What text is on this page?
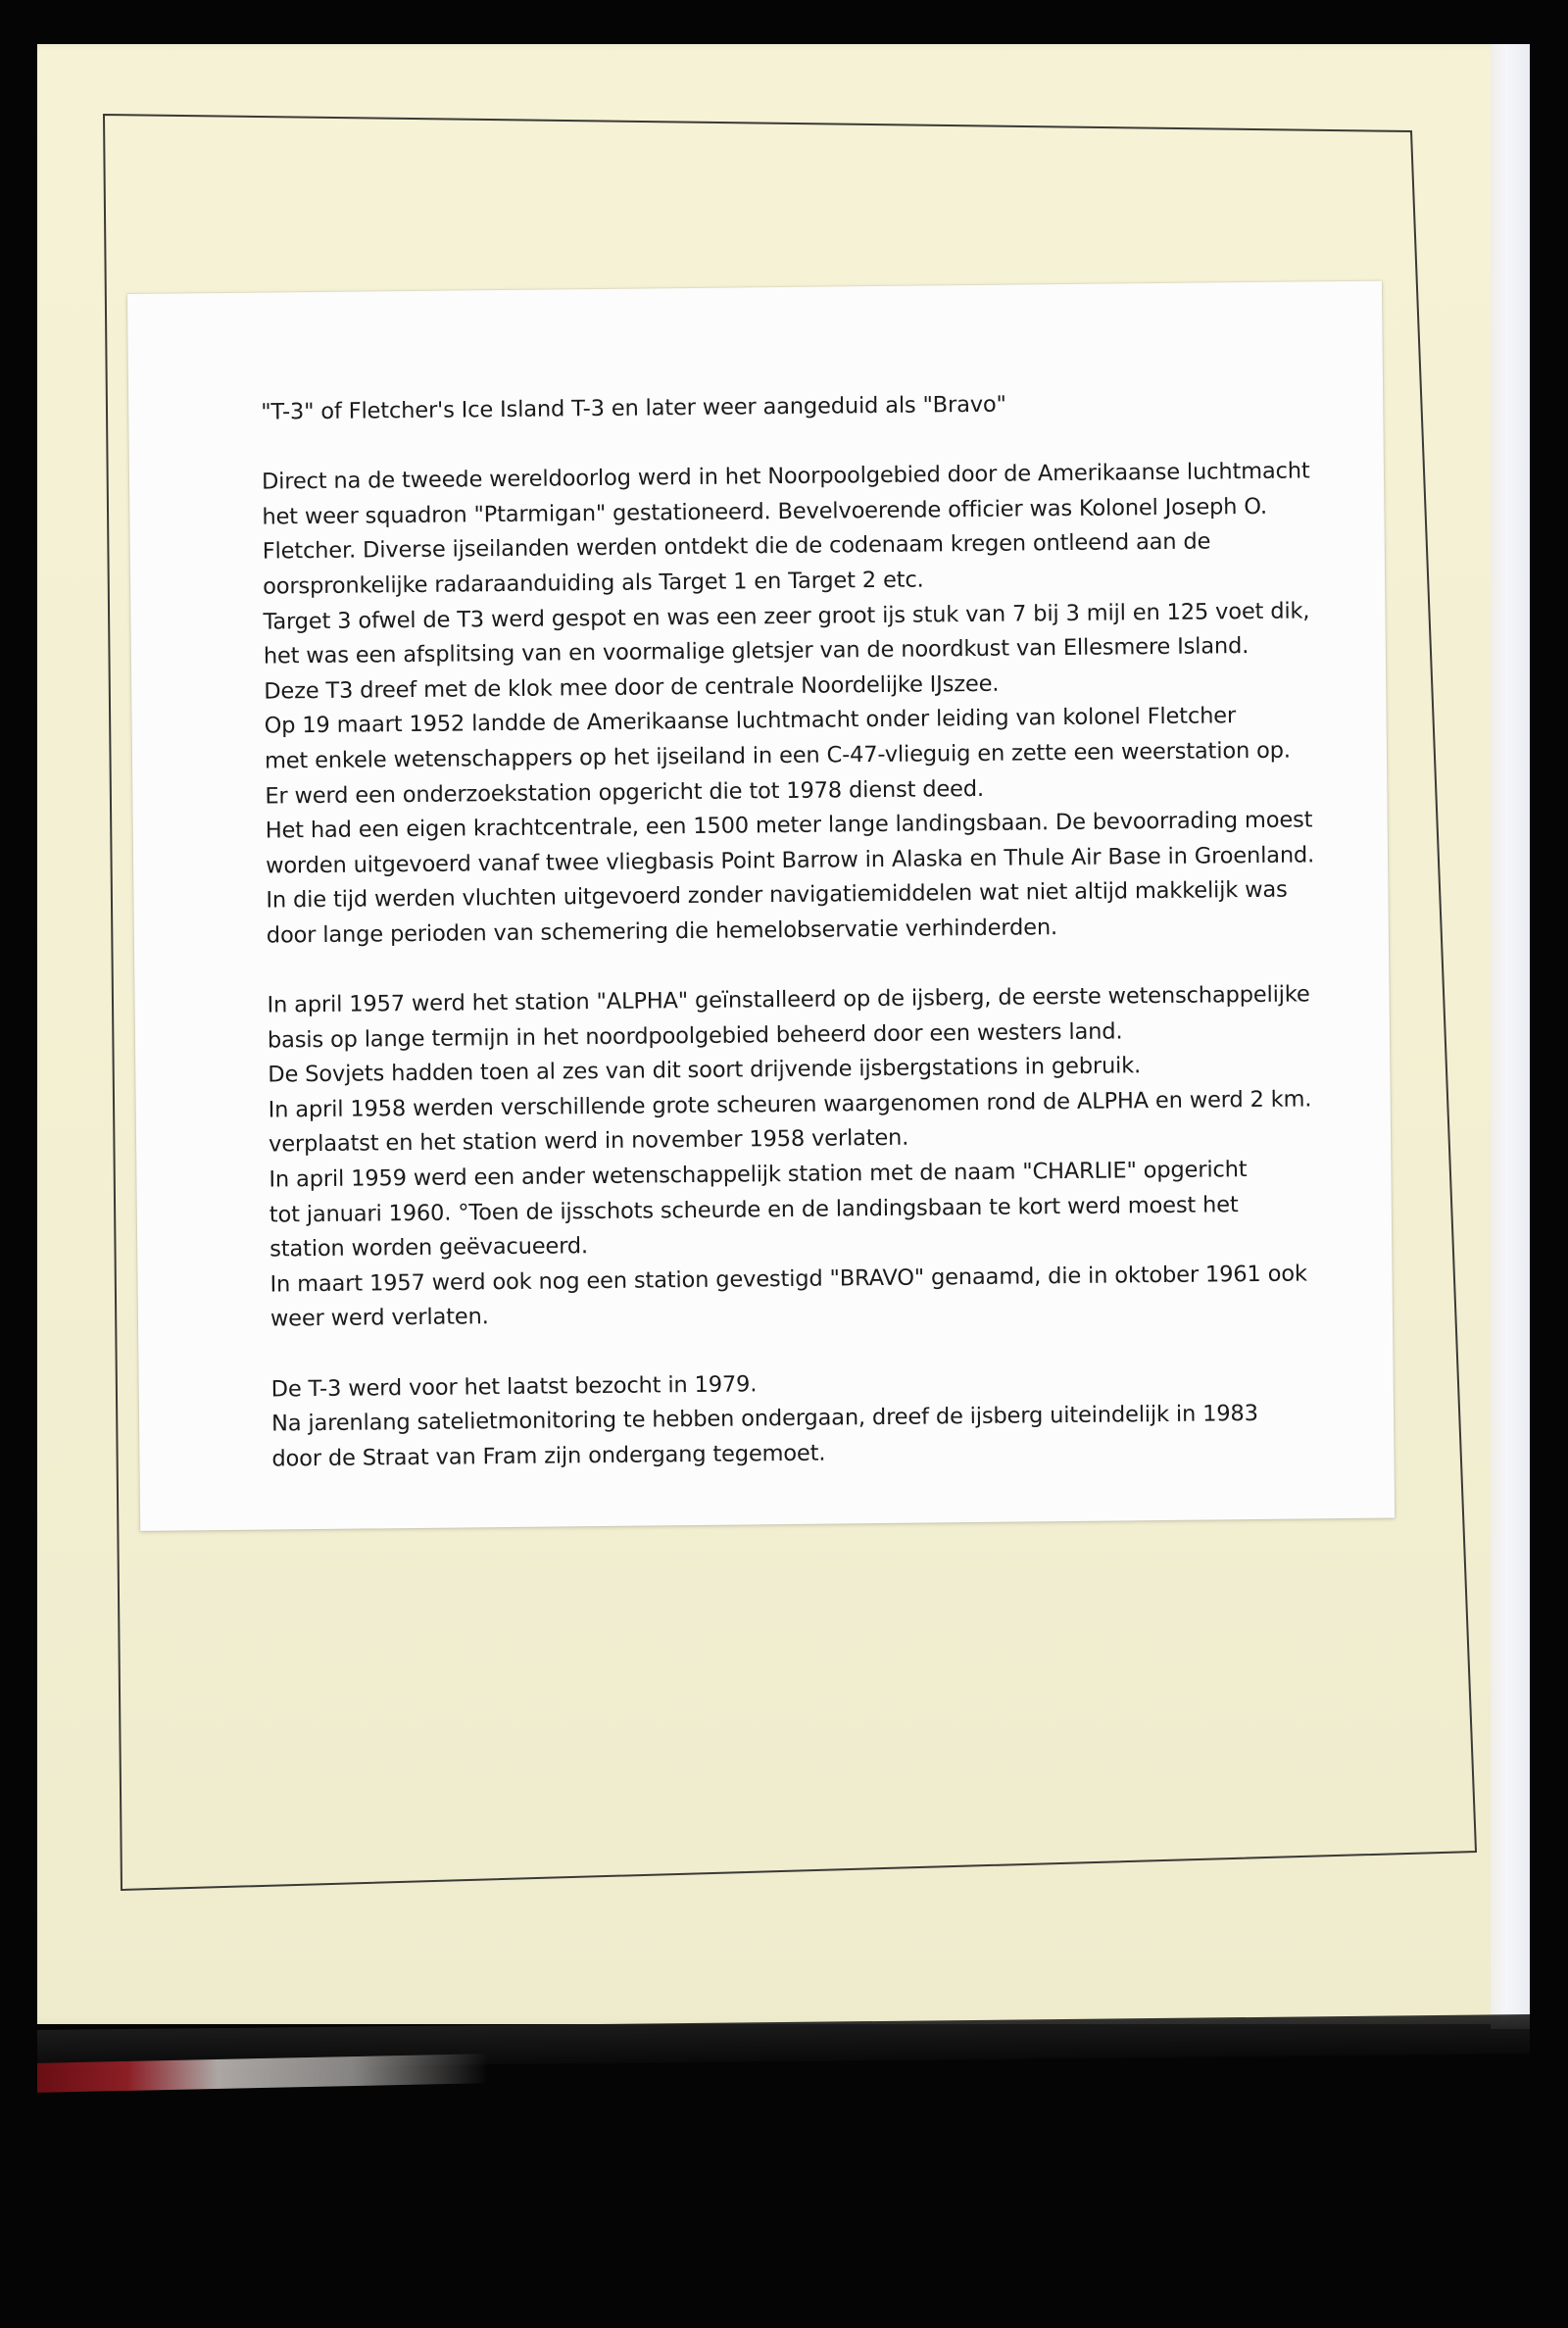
"T-3" of Fletcher's Ice Island T-3 en later weer aangeduid als "Bravo"
Direct na de tweede wereldoorlog werd in het Noorpoolgebied door de Amerikaanse luchtmacht
het weer squadron "Ptarmigan" gestationeerd. Bevelvoerende officier was Kolonel Joseph O.
Fletcher. Diverse ijseilanden werden ontdekt die de codenaam kregen ontleend aan de
oorspronkelijke radaraanduiding als Target 1 en Target 2 etc.
Target 3 ofwel de T3 werd gespot en was een zeer groot ijs stuk van 7 bij 3 mijl en 125 voet dik,
het was een afsplitsing van en voormalige gletsjer van de noordkust van Ellesmere Island.
Deze T3 dreef met de klok mee door de centrale Noordelijke IJszee.
Op 19 maart 1952 landde de Amerikaanse luchtmacht onder leiding van kolonel Fletcher
met enkele wetenschappers op het ijseiland in een C-47-vlieguig en zette een weerstation op.
Er werd een onderzoekstation opgericht die tot 1978 dienst deed.
Het had een eigen krachtcentrale, een 1500 meter lange landingsbaan. De bevoorrading moest
worden uitgevoerd vanaf twee vliegbasis Point Barrow in Alaska en Thule Air Base in Groenland.
In die tijd werden vluchten uitgevoerd zonder navigatiemiddelen wat niet altijd makkelijk was
door lange perioden van schemering die hemelobservatie verhinderden.
In april 1957 werd het station "ALPHA" geïnstalleerd op de ijsberg, de eerste wetenschappelijke
basis op lange termijn in het noordpoolgebied beheerd door een westers land.
De Sovjets hadden toen al zes van dit soort drijvende ijsbergstations in gebruik.
In april 1958 werden verschillende grote scheuren waargenomen rond de ALPHA en werd 2 km.
verplaatst en het station werd in november 1958 verlaten.
In april 1959 werd een ander wetenschappelijk station met de naam "CHARLIE" opgericht
tot januari 1960. °Toen de ijsschots scheurde en de landingsbaan te kort werd moest het
station worden geëvacueerd.
In maart 1957 werd ook nog een station gevestigd "BRAVO" genaamd, die in oktober 1961 ook
weer werd verlaten.
De T-3 werd voor het laatst bezocht in 1979.
Na jarenlang satelietmonitoring te hebben ondergaan, dreef de ijsberg uiteindelijk in 1983
door de Straat van Fram zijn ondergang tegemoet.
